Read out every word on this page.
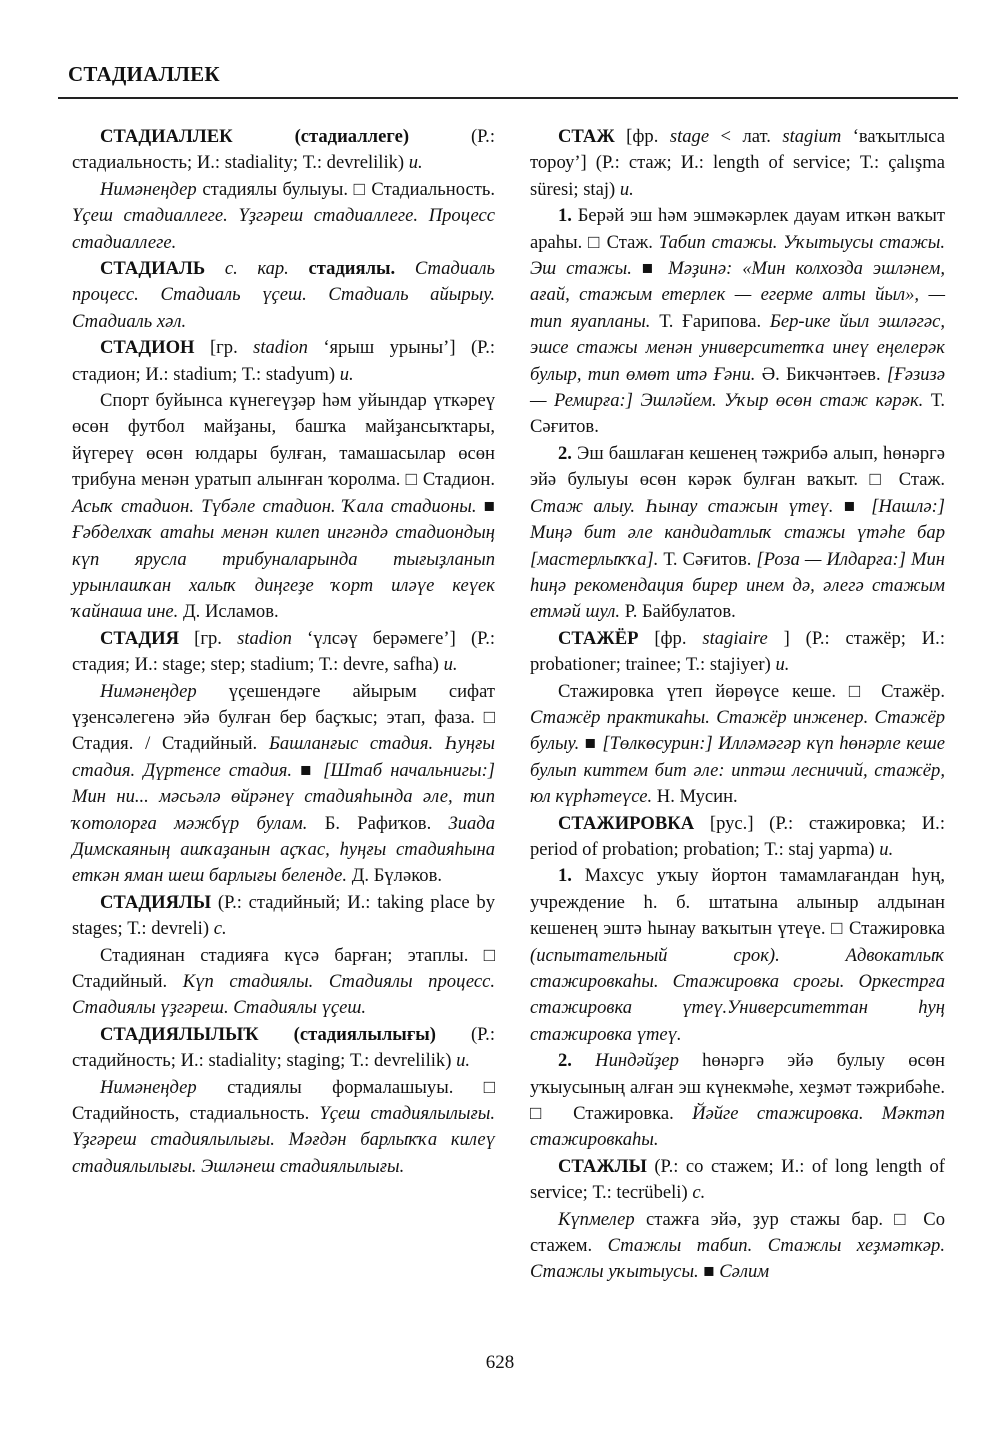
СТАДИАЛЛЕК

СТАДИАЛЛЕК (стадиаллеге) (Р.: стадиальность; И.: stadiality; Т.: devrelilik) и.

Нимәнеңдер стадиялы булыуы. □ Стадиальность. Үҫеш стадиаллеге. Үҙгәреш стадиаллеге. Процесс стадиаллеге.

СТАДИАЛЬ с. кар. стадиялы. Стадиаль процесс. Стадиаль үҫеш. Стадиаль айырыу. Стадиаль хәл.

СТАДИОН [гр. stadion ‘ярыш урыны’] (Р.: стадион; И.: stadium; Т.: stadyum) и.

Спорт буйынса күнегеүҙәр һәм уйындар үткәреү өсөн футбол майҙаны, башҡа майҙансыҡтары, йүгереү өсөн юлдары булған, тамашасылар өсөн трибуна менән уратып алынған ҡоролма. □ Стадион. Асыҡ стадион. Түбәле стадион. Ҡала стадионы. ■ Ғәбделхаҡ атаһы менән килеп ингәндә стадиондың күп ярусла трибуналарында тығыҙланып урынлашҡан халыҡ диңгеҙе ҡорт иләүе кеүек ҡайнаша ине. Д. Исламов.

СТАДИЯ [гр. stadion ‘үлсәү берәмеге’] (Р.: стадия; И.: stage; step; stadium; Т.: devre, safha) и.

Нимәнеңдер үҫешендәге айырым сифат үҙенсәлегенә эйә булған бер баҫҡыс; этап, фаза. □ Стадия. / Стадийный. Башланғыс стадия. Һуңғы стадия. Дүртенсе стадия. ■ [Штаб начальнигы:] Мин ни... мәсьәлә өйрәнеү стадияһында әле, тип ҡотолорға мәжбүр булам. Б. Рафиҡов. Зиада Димскаяның ашҡаҙанын аҫҡас, һуңғы стадияһына еткән яман шеш барлығы беленде. Д. Бүләков.

СТАДИЯЛЫ (Р.: стадийный; И.: taking place by stages; Т.: devreli) с.

Стадиянан стадияға күсә барған; этаплы. □ Стадийный. Күп стадиялы. Стадиялы процесс. Стадиялы үҙгәреш. Стадиялы үҫеш.

СТАДИЯЛЫЛЫҠ (стадиялылығы) (Р.: стадийность; И.: stadiality; staging; Т.: devrelilik) и.

Нимәнеңдер стадиялы формалашыуы. □ Стадийность, стадиальность. Үҫеш стадиялылығы. Үҙгәреш стадиялылығы. Мәғдән барлыҡҡа килеү стадиялылығы. Эшләнеш стадиялылығы.

СТАЖ [фр. stage < лат. stagium ‘ваҡытлыса тороу’] (Р.: стаж; И.: length of service; Т.: çalışma süresi; staj) и.

1. Берәй эш һәм эшмәкәрлек дауам иткән ваҡыт араһы. □ Стаж. Табип стажы. Уҡытыусы стажы. Эш стажы. ■ Мәҙинә: «Мин колхозда эшләнем, ағай, стажым етерлек — егерме алты йыл», — тип яуапланы. Т. Ғарипова. Бер-ике йыл эшләгәс, эшсе стажы менән университетҡа инеү еңелерәк булыр, тип өмөт итә Ғәни. Ә. Бикчәнтәев. [Ғәзизә — Ремирға:] Эшләйем. Уҡыр өсөн стаж кәрәк. Т. Сәғитов.

2. Эш башлаған кешенең тәжрибә алып, һөнәргә эйә булыуы өсөн кәрәк булған ваҡыт. □ Стаж. Стаж алыу. Һынау стажын үтеү. ■ [Нашлә:] Миңә бит әле кандидатлыҡ стажы үтәһе бар [мастерлыҡҡа]. Т. Сәғитов. [Роза — Илдарға:] Мин һиңә рекомендация бирер инем дә, әлегә стажым етмәй шул. Р. Байбулатов.

СТАЖЁР [фр. stagiaire ] (Р.: стажёр; И.: probationer; trainee; Т.: stajiyer) и.

Стажировка үтеп йөрөүсе кеше. □ Стажёр. Стажёр практикаһы. Стажёр инженер. Стажёр булыу. ■ [Төлкөсурин:] Илләмәгәр күп һөнәрле кеше булып киттем бит әле: иптәш лесничий, стажёр, юл күрһәтеүсе. Н. Мусин.

СТАЖИРОВКА [рус.] (Р.: стажировка; И.: period of probation; probation; Т.: staj yapma) и.

1. Махсус уҡыу йортон тамамлағандан һуң, учреждение һ. б. штатына алыныр алдынан кешенең эштә һынау ваҡытын үтеүе. □ Стажировка (испытательный срок). Адвокатлыҡ стажировкаһы. Стажировка срогы. Оркестрға стажировка үтеү.Университеттан һуң стажировка үтеү.

2. Ниндәйҙер һөнәргә эйә булыу өсөн уҡыусының алған эш күнекмәһе, хеҙмәт тәжрибәһе. □ Стажировка. Йәйге стажировка. Мәктәп стажировкаһы.

СТАЖЛЫ (Р.: со стажем; И.: of long length of service; Т.: tecrübeli) с.

Күпмелер стажға эйә, ҙур стажы бар. □ Со стажем. Стажлы табип. Стажлы хеҙмәткәр. Стажлы уҡытыусы. ■ Сәлим

628
